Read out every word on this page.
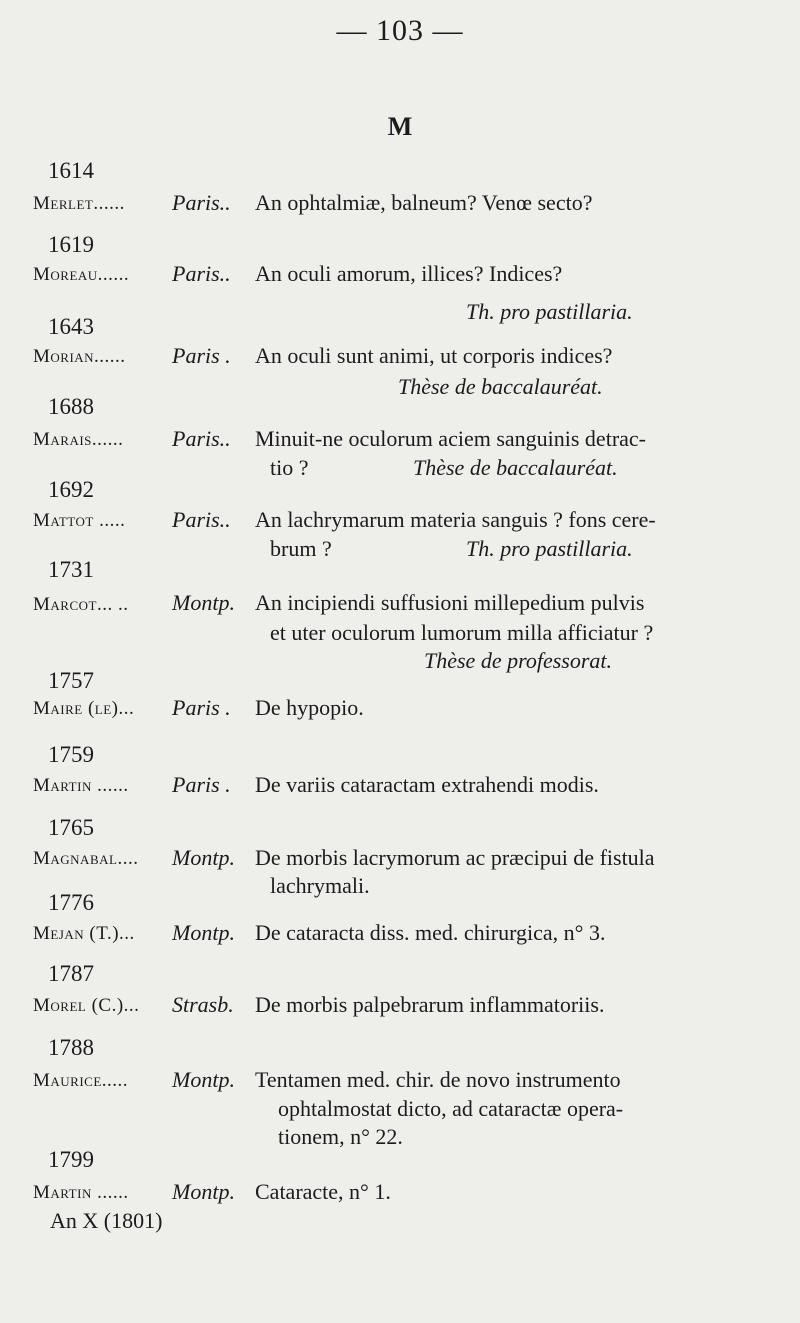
— 103 —
M
1614
Merlet...... Paris.. An ophtalmiæ, balneum? Venœ secto?
1619
Moreau...... Paris.. An oculi amorum, illices? Indices?
Th. pro pastillaria.
1643
Morian...... Paris . An oculi sunt animi, ut corporis indices?
Thèse de baccalauréat.
1688
Marais...... Paris.. Minuit-ne oculorum aciem sanguinis detrac-
tio ?	Thèse de baccalauréat.
1692
Mattot ..... Paris.. An lachrymarum materia sanguis ? fons cere-
brum ?	Th. pro pastillaria.
1731
Marcot... .. Montp. An incipiendi suffusioni millepedium pulvis
et uter oculorum lumorum milla afficiatur ?
Thèse de professorat.
1757
Maire (le)... Paris . De hypopio.
1759
Martin ...... Paris . De variis cataractam extrahendi modis.
1765
Magnabal.... Montp. De morbis lacrymorum ac præcipui de fistula
lachrymali.
1776
Mejan (T.)... Montp. De cataracta diss. med. chirurgica, n° 3.
1787
Morel (C.)... Strasb. De morbis palpebrarum inflammatoriis.
1788
Maurice..... Montp. Tentamen med. chir. de novo instrumento
ophtalmostat dicto, ad cataractæ opera-
tionem, n° 22.
1799
Martin ...... Montp. Cataracte, n° 1.
An X (1801)
